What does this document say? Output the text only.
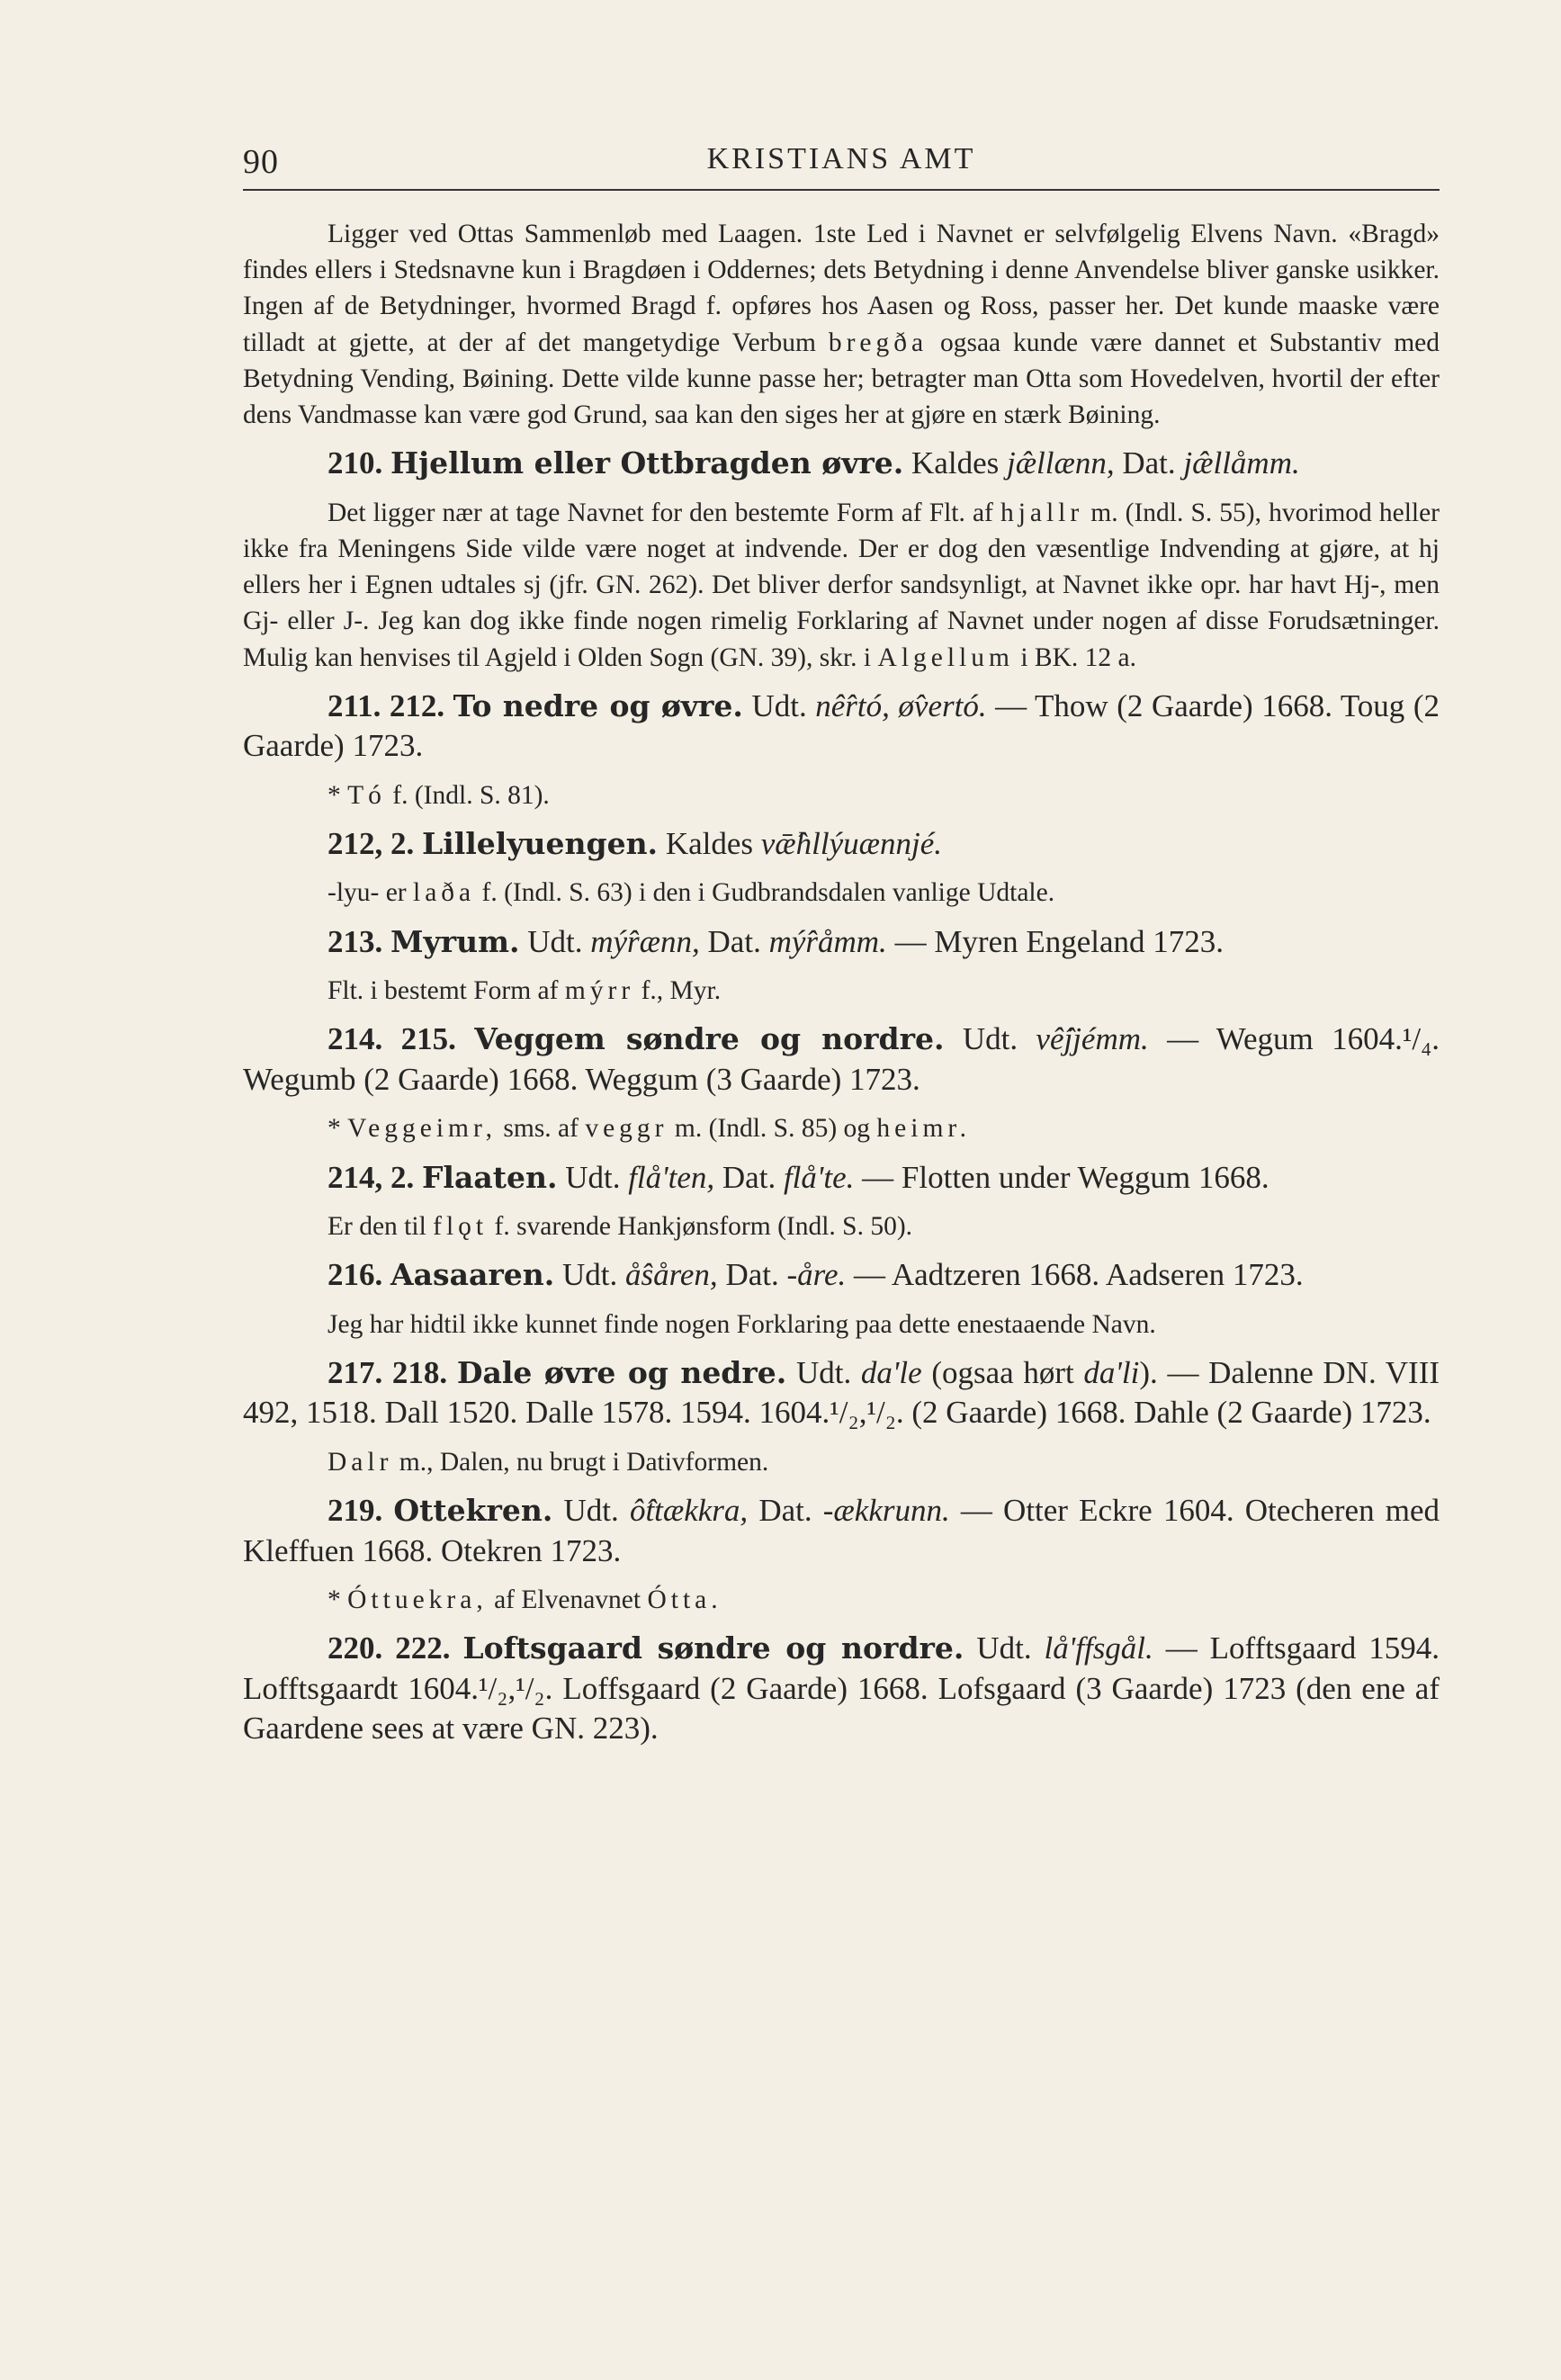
90	KRISTIANS AMT

Ligger ved Ottas Sammenløb med Laagen. 1ste Led i Navnet er selvfølgelig Elvens Navn. «Bragd» findes ellers i Stedsnavne kun i Bragdøen i Oddernes; dets Betydning i denne Anvendelse bliver ganske usikker. Ingen af de Betydninger, hvormed Bragd f. opføres hos Aasen og Ross, passer her. Det kunde maaske være tilladt at gjette, at der af det mangetydige Verbum bregða ogsaa kunde være dannet et Substantiv med Betydning Vending, Bøining. Dette vilde kunne passe her; betragter man Otta som Hovedelven, hvortil der efter dens Vandmasse kan være god Grund, saa kan den siges her at gjøre en stærk Bøining.

210. Hjellum eller Ottbragden øvre. Kaldes jæ̂llænn, Dat. jæ̂llåmm.

Det ligger nær at tage Navnet for den bestemte Form af Flt. af hjallr m. (Indl. S. 55), hvorimod heller ikke fra Meningens Side vilde være noget at indvende. Der er dog den væsentlige Indvending at gjøre, at hj ellers her i Egnen udtales sj (jfr. GN. 262). Det bliver derfor sandsynligt, at Navnet ikke opr. har havt Hj-, men Gj- eller J-. Jeg kan dog ikke finde nogen rimelig Forklaring af Navnet under nogen af disse Forudsætninger. Mulig kan henvises til Agjeld i Olden Sogn (GN. 39), skr. i Algellum i BK. 12 a.

211. 212. To nedre og øvre. Udt. nê̂rtó, ø̂vertó. — Thow (2 Gaarde) 1668. Toug (2 Gaarde) 1723.

* Tó f. (Indl. S. 81).

212, 2. Lillelyuengen. Kaldes vǣ̂hllýuænnjé.

-lyu- er laða f. (Indl. S. 63) i den i Gudbrandsdalen vanlige Udtale.

213. Myrum. Udt. mý̂rænn, Dat. mý̂råmm. — Myren Engeland 1723.

Flt. i bestemt Form af mýrr f., Myr.

214. 215. Veggem søndre og nordre. Udt. vê̂jjémm. — Wegum 1604.¹/₄. Wegumb (2 Gaarde) 1668. Weggum (3 Gaarde) 1723.

* Veggeimr, sms. af veggr m. (Indl. S. 85) og heimr.

214, 2. Flaaten. Udt. flå'ten, Dat. flå'te. — Flotten under Weggum 1668.

Er den til flǫt f. svarende Hankjønsform (Indl. S. 50).

216. Aasaaren. Udt. å̂såren, Dat. -åre. — Aadtzeren 1668. Aadseren 1723.

Jeg har hidtil ikke kunnet finde nogen Forklaring paa dette enestaaende Navn.

217. 218. Dale øvre og nedre. Udt. da'le (ogsaa hørt da'li). — Dalenne DN. VIII 492, 1518. Dall 1520. Dalle 1578. 1594. 1604.¹/₂,¹/₂. (2 Gaarde) 1668. Dahle (2 Gaarde) 1723.

Dalr m., Dalen, nu brugt i Dativformen.

219. Ottekren. Udt. ô̂ttækkra, Dat. -ækkrunn. — Otter Eckre 1604. Otecheren med Kleffuen 1668. Otekren 1723.

* Óttuekra, af Elvenavnet Ótta.

220. 222. Loftsgaard søndre og nordre. Udt. lå'ffsgål. — Lofftsgaard 1594. Lofftsgaardt 1604.¹/₂,¹/₂. Loffsgaard (2 Gaarde) 1668. Lofsgaard (3 Gaarde) 1723 (den ene af Gaardene sees at være GN. 223).
